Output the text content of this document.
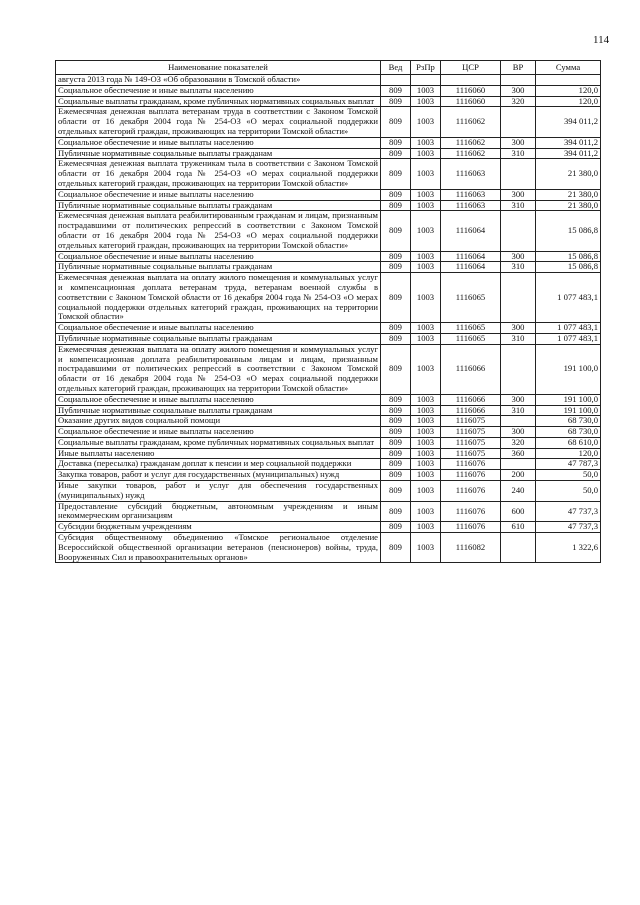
114
Наименование показателей	Вед	РзПр	ЦСР	ВР	Сумма
августа 2013 года № 149-ОЗ «Об образовании в Томской области»					
Социальное обеспечение и иные выплаты населению	809	1003	1116060	300	120,0
Социальные выплаты гражданам, кроме публичных нормативных социальных выплат	809	1003	1116060	320	120,0
Ежемесячная денежная выплата ветеранам труда в соответствии с Законом Томской области от 16 декабря 2004 года № 254-ОЗ «О мерах социальной поддержки отдельных категорий граждан, проживающих на территории Томской области»	809	1003	1116062		394 011,2
Социальное обеспечение и иные выплаты населению	809	1003	1116062	300	394 011,2
Публичные нормативные социальные выплаты гражданам	809	1003	1116062	310	394 011,2
Ежемесячная денежная выплата труженикам тыла в соответствии с Законом Томской области от 16 декабря 2004 года № 254-ОЗ «О мерах социальной поддержки отдельных категорий граждан, проживающих на территории Томской области»	809	1003	1116063		21 380,0
Социальное обеспечение и иные выплаты населению	809	1003	1116063	300	21 380,0
Публичные нормативные социальные выплаты гражданам	809	1003	1116063	310	21 380,0
Ежемесячная денежная выплата реабилитированным гражданам и лицам, признанным пострадавшими от политических репрессий в соответствии с Законом Томской области от 16 декабря 2004 года № 254-ОЗ «О мерах социальной поддержки отдельных категорий граждан, проживающих на территории Томской области»	809	1003	1116064		15 086,8
Социальное обеспечение и иные выплаты населению	809	1003	1116064	300	15 086,8
Публичные нормативные социальные выплаты гражданам	809	1003	1116064	310	15 086,8
Ежемесячная денежная выплата на оплату жилого помещения и коммунальных услуг и компенсационная доплата ветеранам труда, ветеранам военной службы в соответствии с Законом Томской области от 16 декабря 2004 года № 254-ОЗ «О мерах социальной поддержки отдельных категорий граждан, проживающих на территории Томской области»	809	1003	1116065		1 077 483,1
Социальное обеспечение и иные выплаты населению	809	1003	1116065	300	1 077 483,1
Публичные нормативные социальные выплаты гражданам	809	1003	1116065	310	1 077 483,1
Ежемесячная денежная выплата на оплату жилого помещения и коммунальных услуг и компенсационная доплата реабилитированным лицам и лицам, признанным пострадавшими от политических репрессий в соответствии с Законом Томской области от 16 декабря 2004 года № 254-ОЗ «О мерах социальной поддержки отдельных категорий граждан, проживающих на территории Томской области»	809	1003	1116066		191 100,0
Социальное обеспечение и иные выплаты населению	809	1003	1116066	300	191 100,0
Публичные нормативные социальные выплаты гражданам	809	1003	1116066	310	191 100,0
Оказание других видов социальной помощи	809	1003	1116075		68 730,0
Социальное обеспечение и иные выплаты населению	809	1003	1116075	300	68 730,0
Социальные выплаты гражданам, кроме публичных нормативных социальных выплат	809	1003	1116075	320	68 610,0
Иные выплаты населению	809	1003	1116075	360	120,0
Доставка (пересылка) гражданам доплат к пенсии и мер социальной поддержки	809	1003	1116076		47 787,3
Закупка товаров, работ и услуг для государственных (муниципальных) нужд	809	1003	1116076	200	50,0
Иные закупки товаров, работ и услуг для обеспечения государственных (муниципальных) нужд	809	1003	1116076	240	50,0
Предоставление субсидий бюджетным, автономным учреждениям и иным некоммерческим организациям	809	1003	1116076	600	47 737,3
Субсидии бюджетным учреждениям	809	1003	1116076	610	47 737,3
Субсидия общественному объединению «Томское региональное отделение Всероссийской общественной организации ветеранов (пенсионеров) войны, труда, Вооруженных Сил и правоохранительных органов»	809	1003	1116082		1 322,6
